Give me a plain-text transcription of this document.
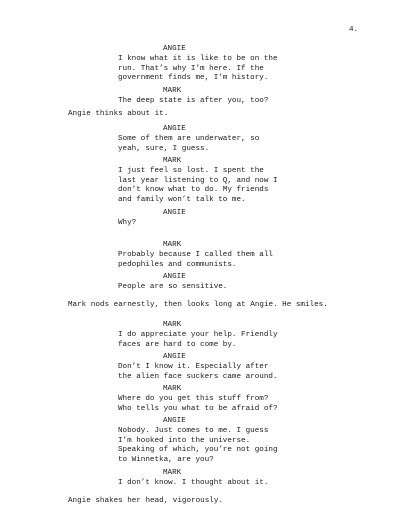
4.
ANGIE
I know what it is like to be on the
run. That’s why I’m here. If the
government finds me, I’m history.
MARK
The deep state is after you, too?
Angie thinks about it.
ANGIE
Some of them are underwater, so
yeah, sure, I guess.
MARK
I just feel so lost. I spent the
last year listening to Q, and now I
don’t know what to do. My friends
and family won’t talk to me.
ANGIE
Why?
MARK
Probably because I called them all
pedophiles and communists.
ANGIE
People are so sensitive.
Mark nods earnestly, then looks long at Angie. He smiles.
MARK
I do appreciate your help. Friendly
faces are hard to come by.
ANGIE
Don’t I know it. Especially after
the alien face suckers came around.
MARK
Where do you get this stuff from?
Who tells you what to be afraid of?
ANGIE
Nobody. Just comes to me. I guess
I’m hooked into the universe.
Speaking of which, you’re not going
to Winnetka, are you?
MARK
I don’t know. I thought about it.
Angie shakes her head, vigorously.
